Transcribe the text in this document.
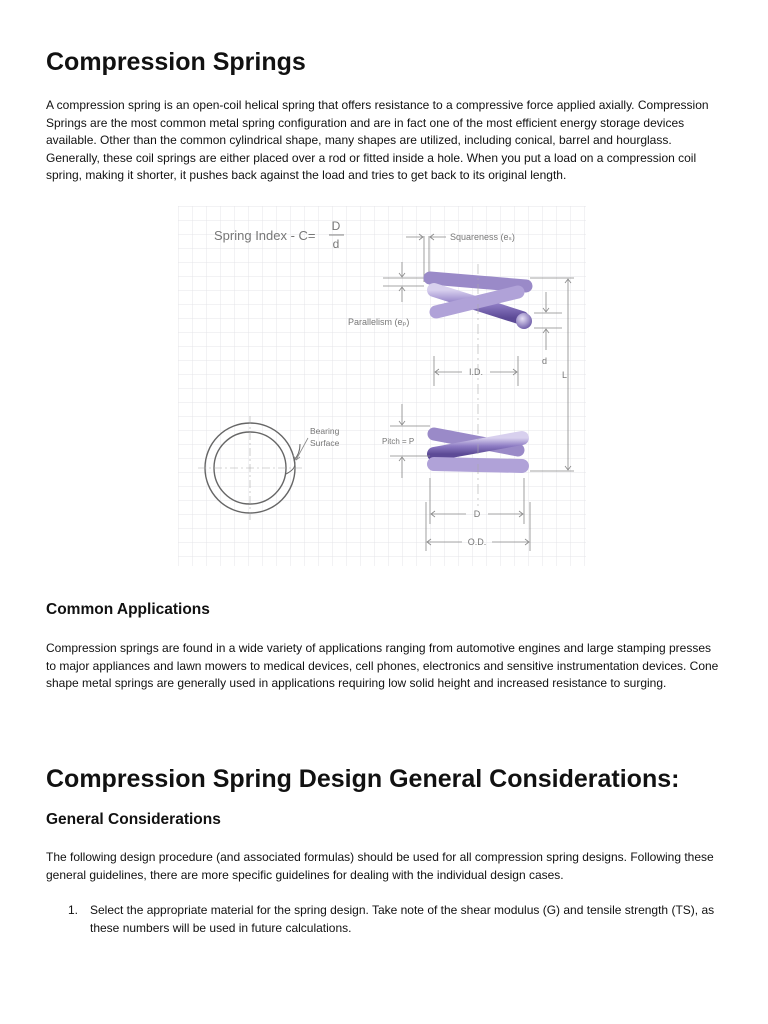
Compression Springs

A compression spring is an open-coil helical spring that offers resistance to a compressive force applied axially. Compression Springs are the most common metal spring configuration and are in fact one of the most efficient energy storage devices available. Other than the common cylindrical shape, many shapes are utilized, including conical, barrel and hourglass. Generally, these coil springs are either placed over a rod or fitted inside a hole. When you put a load on a compression coil spring, making it shorter, it pushes back against the load and tries to get back to its original length.

Common Applications

Compression springs are found in a wide variety of applications ranging from automotive engines and large stamping presses to major appliances and lawn mowers to medical devices, cell phones, electronics and sensitive instrumentation devices. Cone shape metal springs are generally used in applications requiring low solid height and increased resistance to surging.

Compression Spring Design General Considerations:
General Considerations

The following design procedure (and associated formulas) should be used for all compression spring designs. Following these general guidelines, there are more specific guidelines for dealing with the individual design cases.

1. Select the appropriate material for the spring design. Take note of the shear modulus (G) and tensile strength (TS), as these numbers will be used in future calculations.
Spring Index - C=
D
d	Squareness (eₛ)
Parallelism (eₚ)
d
L
I.D.
Pitch = P
D
O.D.
Bearing
Surface
